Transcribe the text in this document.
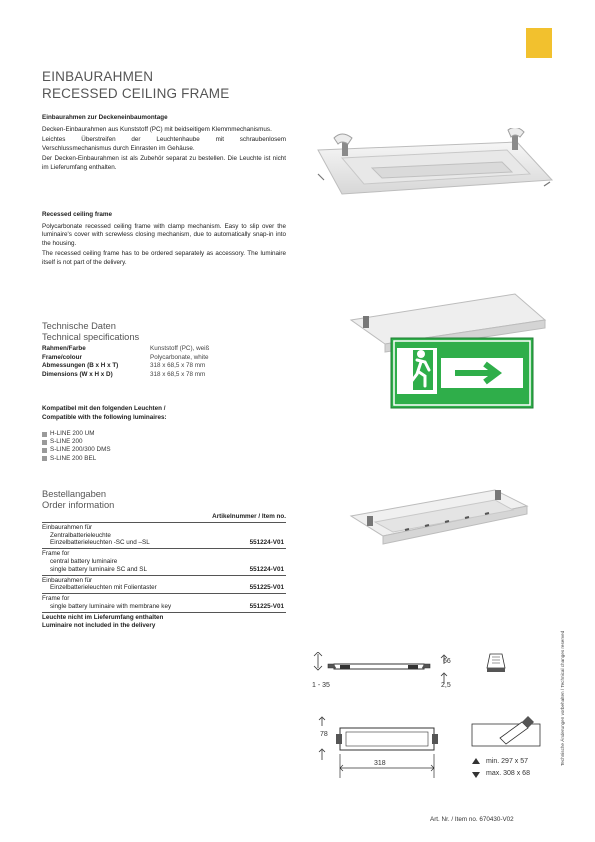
EINBAURAHMEN
RECESSED CEILING FRAME
Einbaurahmen zur Deckeneinbaumontage

Decken-Einbaurahmen aus Kunststoff (PC) mit beidseitigem Klemmmechanismus.

Leichtes Überstreifen der Leuchtenhaube mit schraubenlosem Verschlussmechanismus durch Einrasten im Gehäuse.

Der Decken-Einbaurahmen ist als Zubehör separat zu bestellen. Die Leuchte ist nicht im Lieferumfang enthalten.

Recessed ceiling frame

Polycarbonate recessed ceiling frame with clamp mechanism. Easy to slip over the luminaire's cover with screwless closing mechanism, due to automatically snap-in into the housing.

The recessed ceiling frame has to be ordered separately as accessory. The luminaire itself is not part of the delivery.

Technische Daten
Technical specifications
Rahmen/Farbe	Kunststoff (PC), weiß
Frame/colour	Polycarbonate, white
Abmessungen (B x H x T)	318 x 68,5 x 78 mm
Dimensions (W x H x D)	318 x 68,5 x 78 mm
Kompatibel mit den folgenden Leuchten /
Compatible with the following luminaires:
H-LINE 200 UM
S-LINE 200
S-LINE 200/300 DMS
S-LINE 200 BEL
Bestellangaben
Order information
Artikelnummer / Item no.
Einbaurahmen für
Zentralbatterieleuchte
Einzelbatterieleuchten -SC und –SL	551224-V01
Frame for
central battery luminaire
single battery luminaire SC and SL	551224-V01
Einbaurahmen für
Einzelbatterieleuchten mit Folientaster	551225-V01
Frame for
single battery luminaire with membrane key	551225-V01
Leuchte nicht im Lieferumfang enthalten
Luminaire not included in the delivery
66
1 - 35	2,5
78
318	min. 297 x 57
max. 308 x 68
Technische Änderungen vorbehalten / Technical changes reserved
Art. Nr. / Item no. 670430-V02
